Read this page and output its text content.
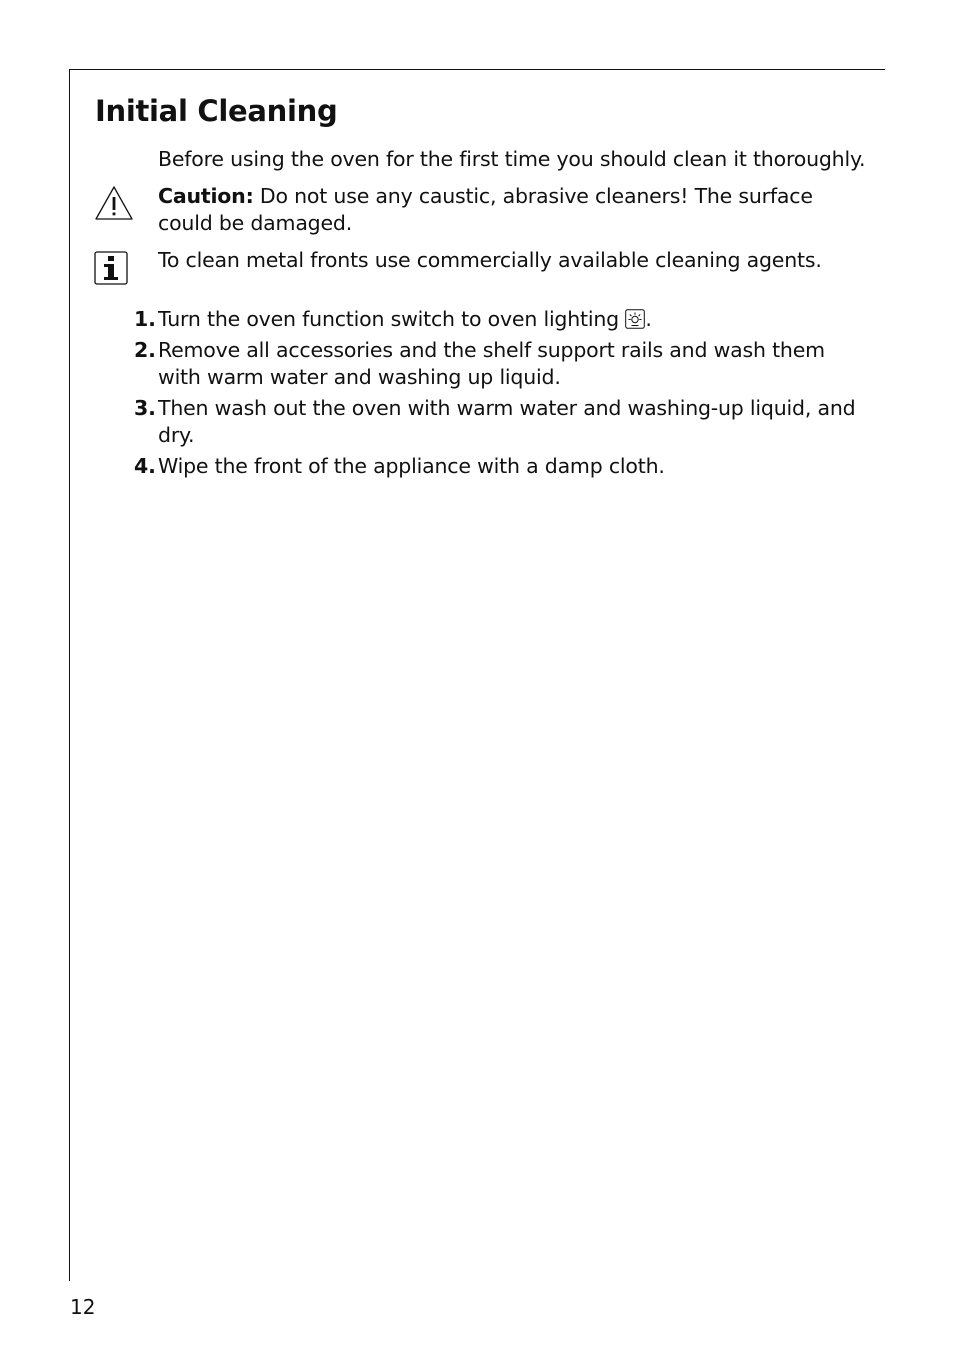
Initial Cleaning
Before using the oven for the first time you should clean it thoroughly.
Caution: Do not use any caustic, abrasive cleaners! The surface could be damaged.
To clean metal fronts use commercially available cleaning agents.
1. Turn the oven function switch to oven lighting .
2. Remove all accessories and the shelf support rails and wash them with warm water and washing up liquid.
3. Then wash out the oven with warm water and washing-up liquid, and dry.
4. Wipe the front of the appliance with a damp cloth.
12
